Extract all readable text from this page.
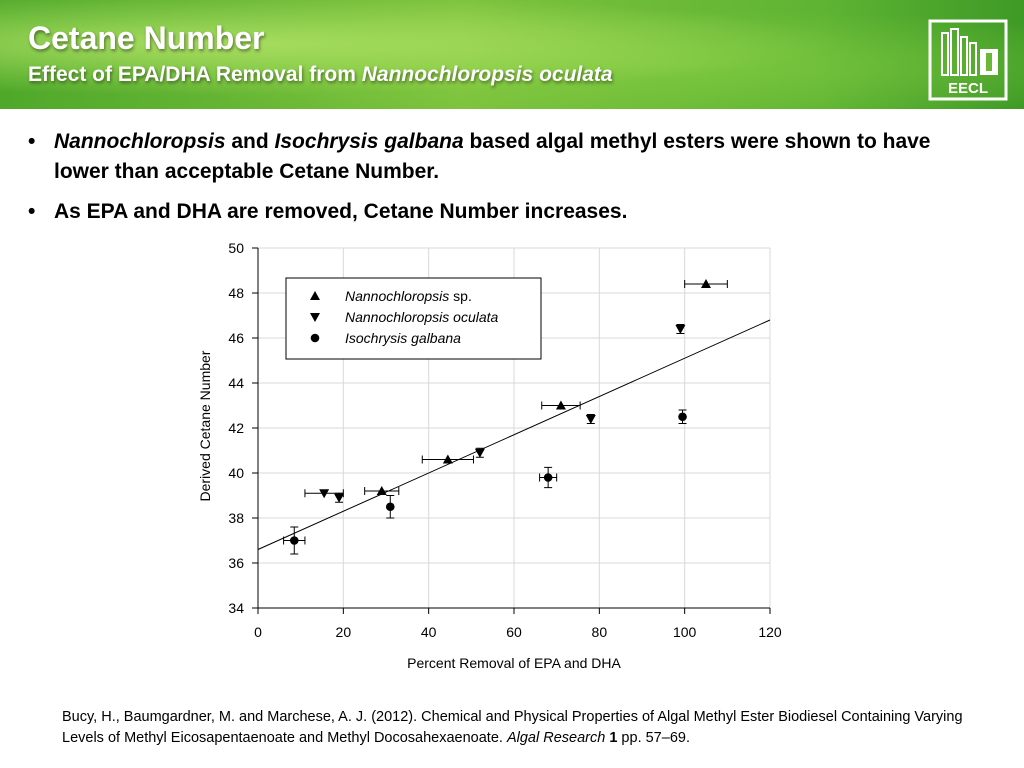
Cetane Number
Effect of EPA/DHA Removal from Nannochloropsis oculata
EECL
• Nannochloropsis and Isochrysis galbana based algal methyl esters were shown to have lower than acceptable Cetane Number.
• As EPA and DHA are removed, Cetane Number increases.
0	20	40	60	80	100	120
34
36
38
40
42
44
46
48
50
Percent Removal of EPA and DHA
Derived Cetane Number
Nannochloropsis sp.
Nannochloropsis oculata
Isochrysis galbana
Bucy, H., Baumgardner, M. and Marchese, A. J. (2012). Chemical and Physical Properties of Algal Methyl Ester Biodiesel Containing Varying Levels of Methyl Eicosapentaenoate and Methyl Docosahexaenoate. Algal Research 1 pp. 57–69.
